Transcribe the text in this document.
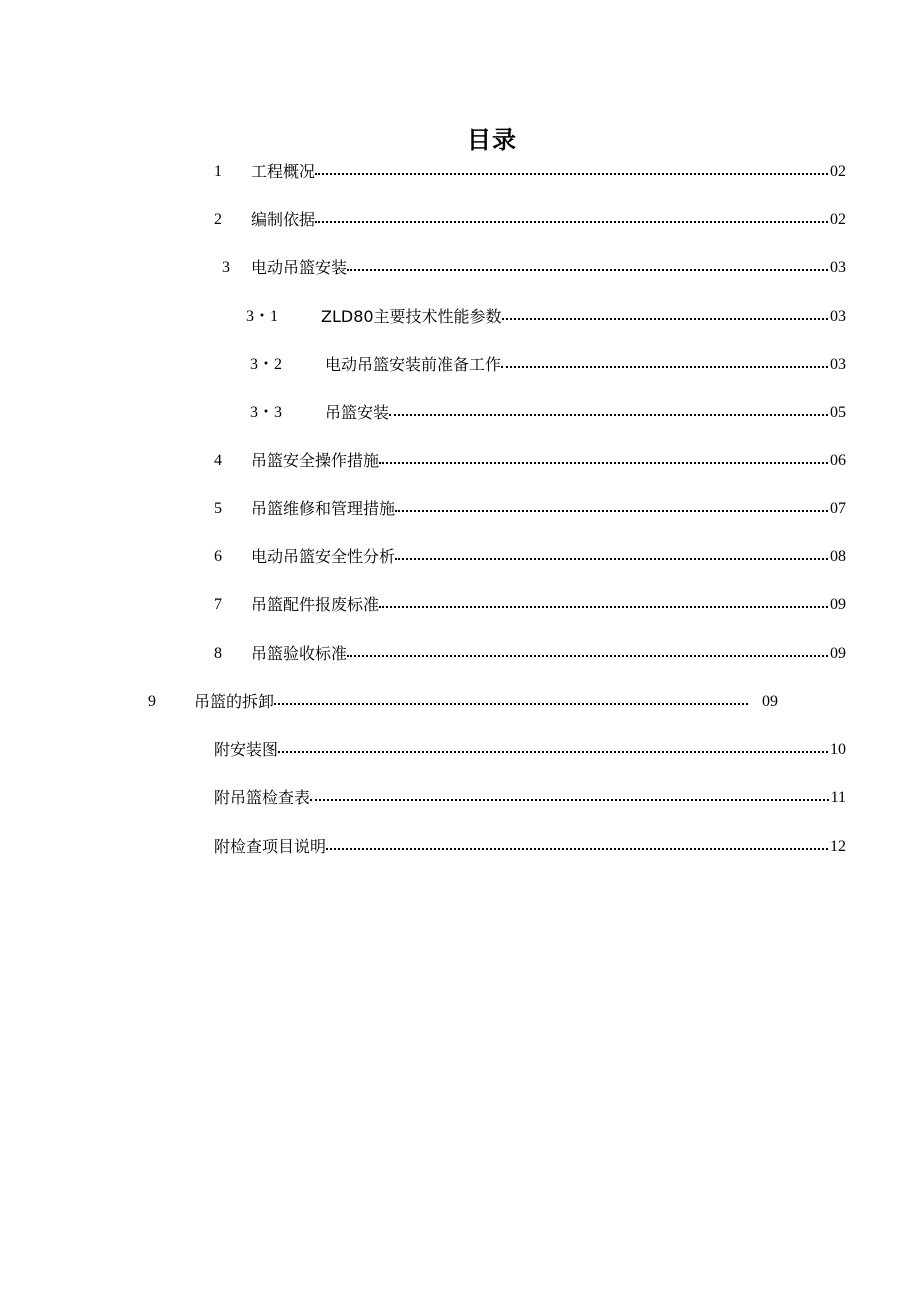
目录
1	工程概况	02
2	编制依据	02
3	电动吊篮安装	03
3・1	ZLD80主要技术性能参数	03
3・2	电动吊篮安装前准备工作	03
3・3	吊篮安装	05
4	吊篮安全操作措施	06
5	吊篮维修和管理措施	07
6	电动吊篮安全性分析	08
7	吊篮配件报废标准	09
8	吊篮验收标准	09
9	吊篮的拆卸	09
附安装图	10
附吊篮检查表	11
附检查项目说明	12
